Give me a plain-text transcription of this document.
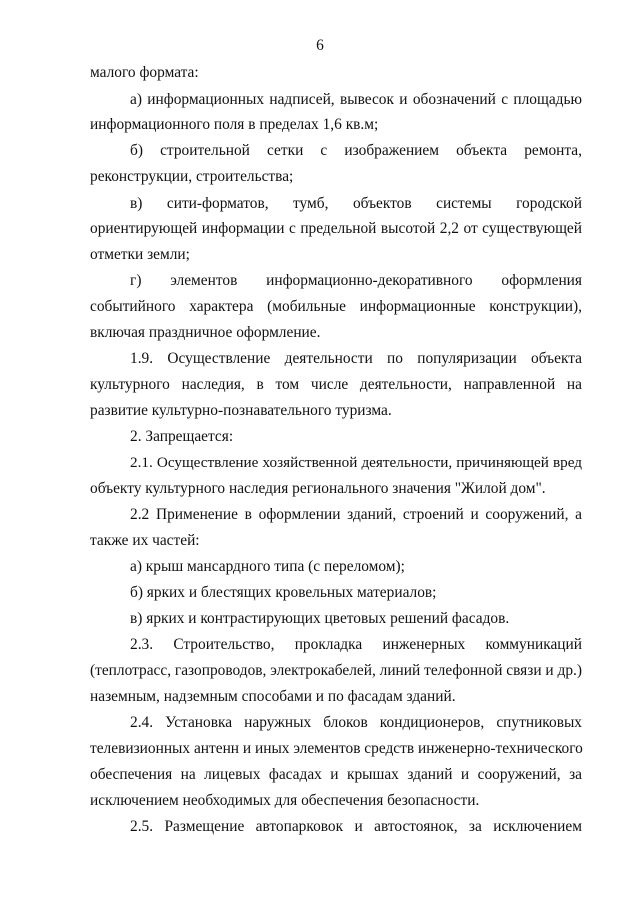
6
малого формата:
а) информационных надписей, вывесок и обозначений с площадью
информационного поля в пределах 1,6 кв.м;
б) строительной сетки с изображением объекта ремонта,
реконструкции, строительства;
в) сити-форматов, тумб, объектов системы городской
ориентирующей информации с предельной высотой 2,2 от существующей
отметки земли;
г) элементов информационно-декоративного оформления
событийного характера (мобильные информационные конструкции),
включая праздничное оформление.
1.9. Осуществление деятельности по популяризации объекта
культурного наследия, в том числе деятельности, направленной на
развитие культурно-познавательного туризма.
2. Запрещается:
2.1. Осуществление хозяйственной деятельности, причиняющей вред
объекту культурного наследия регионального значения "Жилой дом".
2.2 Применение в оформлении зданий, строений и сооружений, а
также их частей:
а) крыш мансардного типа (с переломом);
б) ярких и блестящих кровельных материалов;
в) ярких и контрастирующих цветовых решений фасадов.
2.3. Строительство, прокладка инженерных коммуникаций
(теплотрасс, газопроводов, электрокабелей, линий телефонной связи и др.)
наземным, надземным способами и по фасадам зданий.
2.4. Установка наружных блоков кондиционеров, спутниковых
телевизионных антенн и иных элементов средств инженерно-технического
обеспечения на лицевых фасадах и крышах зданий и сооружений, за
исключением необходимых для обеспечения безопасности.
2.5. Размещение автопарковок и автостоянок, за исключением
